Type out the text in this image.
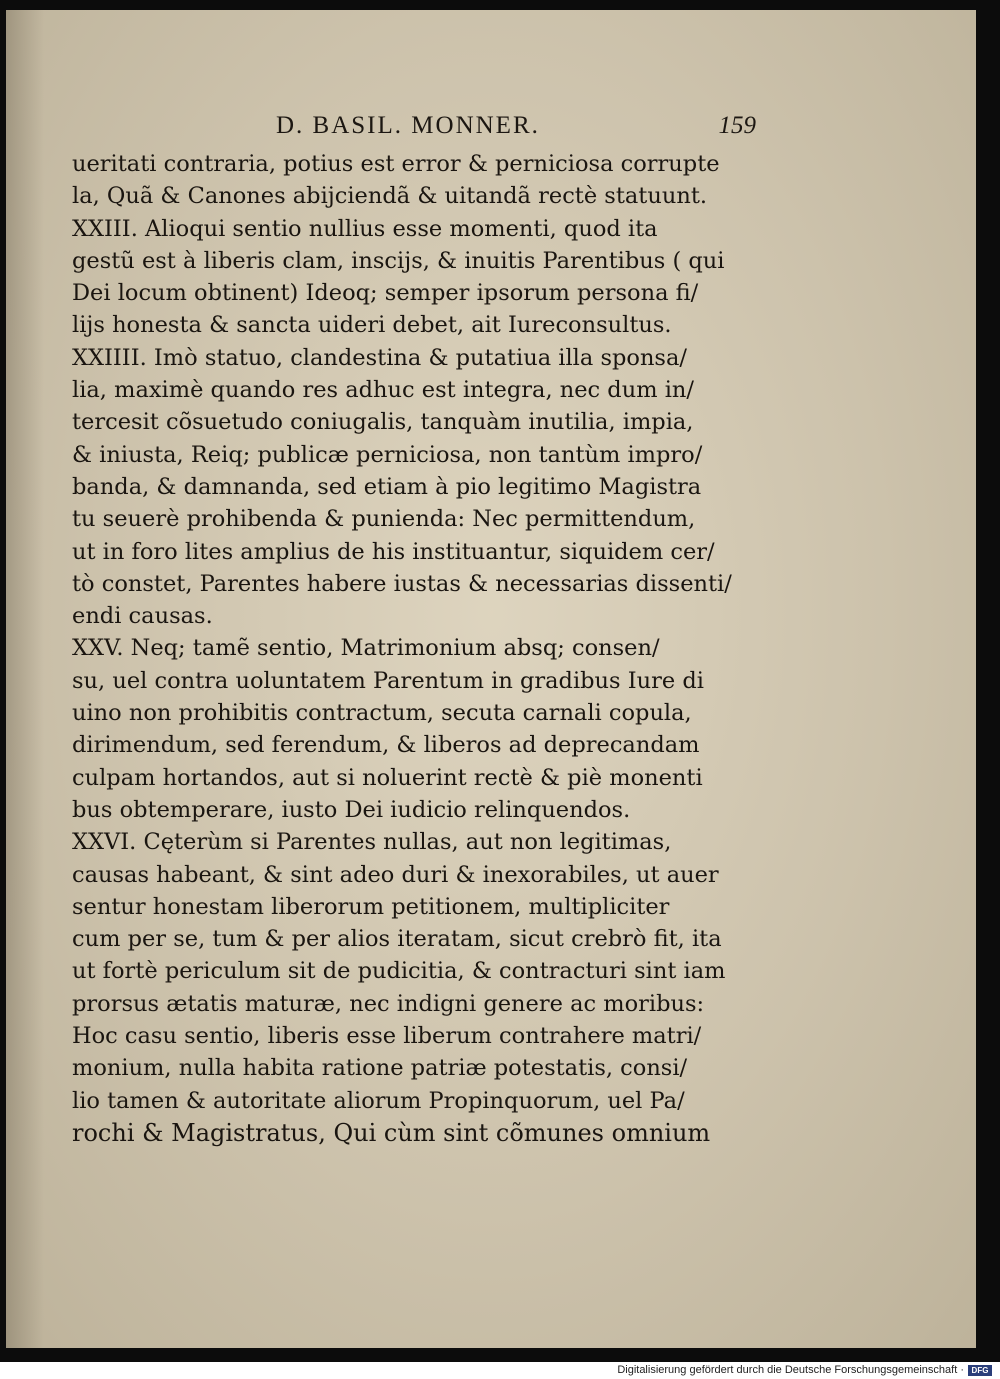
D. BASIL. MONNER.	159
ueritati contraria, potius est error & perniciosa corrupte
la, Quã & Canones abijciendã & uitandã rectè statuunt.
XXIII. Alioqui sentio nullius esse momenti, quod ita
gestũ est à liberis clam, inscijs, & inuitis Parentibus ( qui
Dei locum obtinent) Ideoq; semper ipsorum persona fi/
lijs honesta & sancta uideri debet, ait Iureconsultus.
XXIIII. Imò statuo, clandestina & putatiua illa sponsa/
lia, maximè quando res adhuc est integra, nec dum in/
tercesit cõsuetudo coniugalis, tanquàm inutilia, impia,
& iniusta, Reiq; publicæ perniciosa, non tantùm impro/
banda, & damnanda, sed etiam à pio legitimo Magistra
tu seuerè prohibenda & punienda: Nec permittendum,
ut in foro lites amplius de his instituantur, siquidem cer/
tò constet, Parentes habere iustas & necessarias dissenti/
endi causas.
XXV. Neq; tamẽ sentio, Matrimonium absq; consen/
su, uel contra uoluntatem Parentum in gradibus Iure di
uino non prohibitis contractum, secuta carnali copula,
dirimendum, sed ferendum, & liberos ad deprecandam
culpam hortandos, aut si noluerint rectè & piè monenti
bus obtemperare, iusto Dei iudicio relinquendos.
XXVI. Cęterùm si Parentes nullas, aut non legitimas,
causas habeant, & sint adeo duri & inexorabiles, ut auer
sentur honestam liberorum petitionem, multipliciter
cum per se, tum & per alios iteratam, sicut crebrò fit, ita
ut fortè periculum sit de pudicitia, & contracturi sint iam
prorsus ætatis maturæ, nec indigni genere ac moribus:
Hoc casu sentio, liberis esse liberum contrahere matri/
monium, nulla habita ratione patriæ potestatis, consi/
lio tamen & autoritate aliorum Propinquorum, uel Pa/
rochi & Magistratus, Qui cùm sint cõmunes omnium
Digitalisierung gefördert durch die Deutsche Forschungsgemeinschaft · DFG
